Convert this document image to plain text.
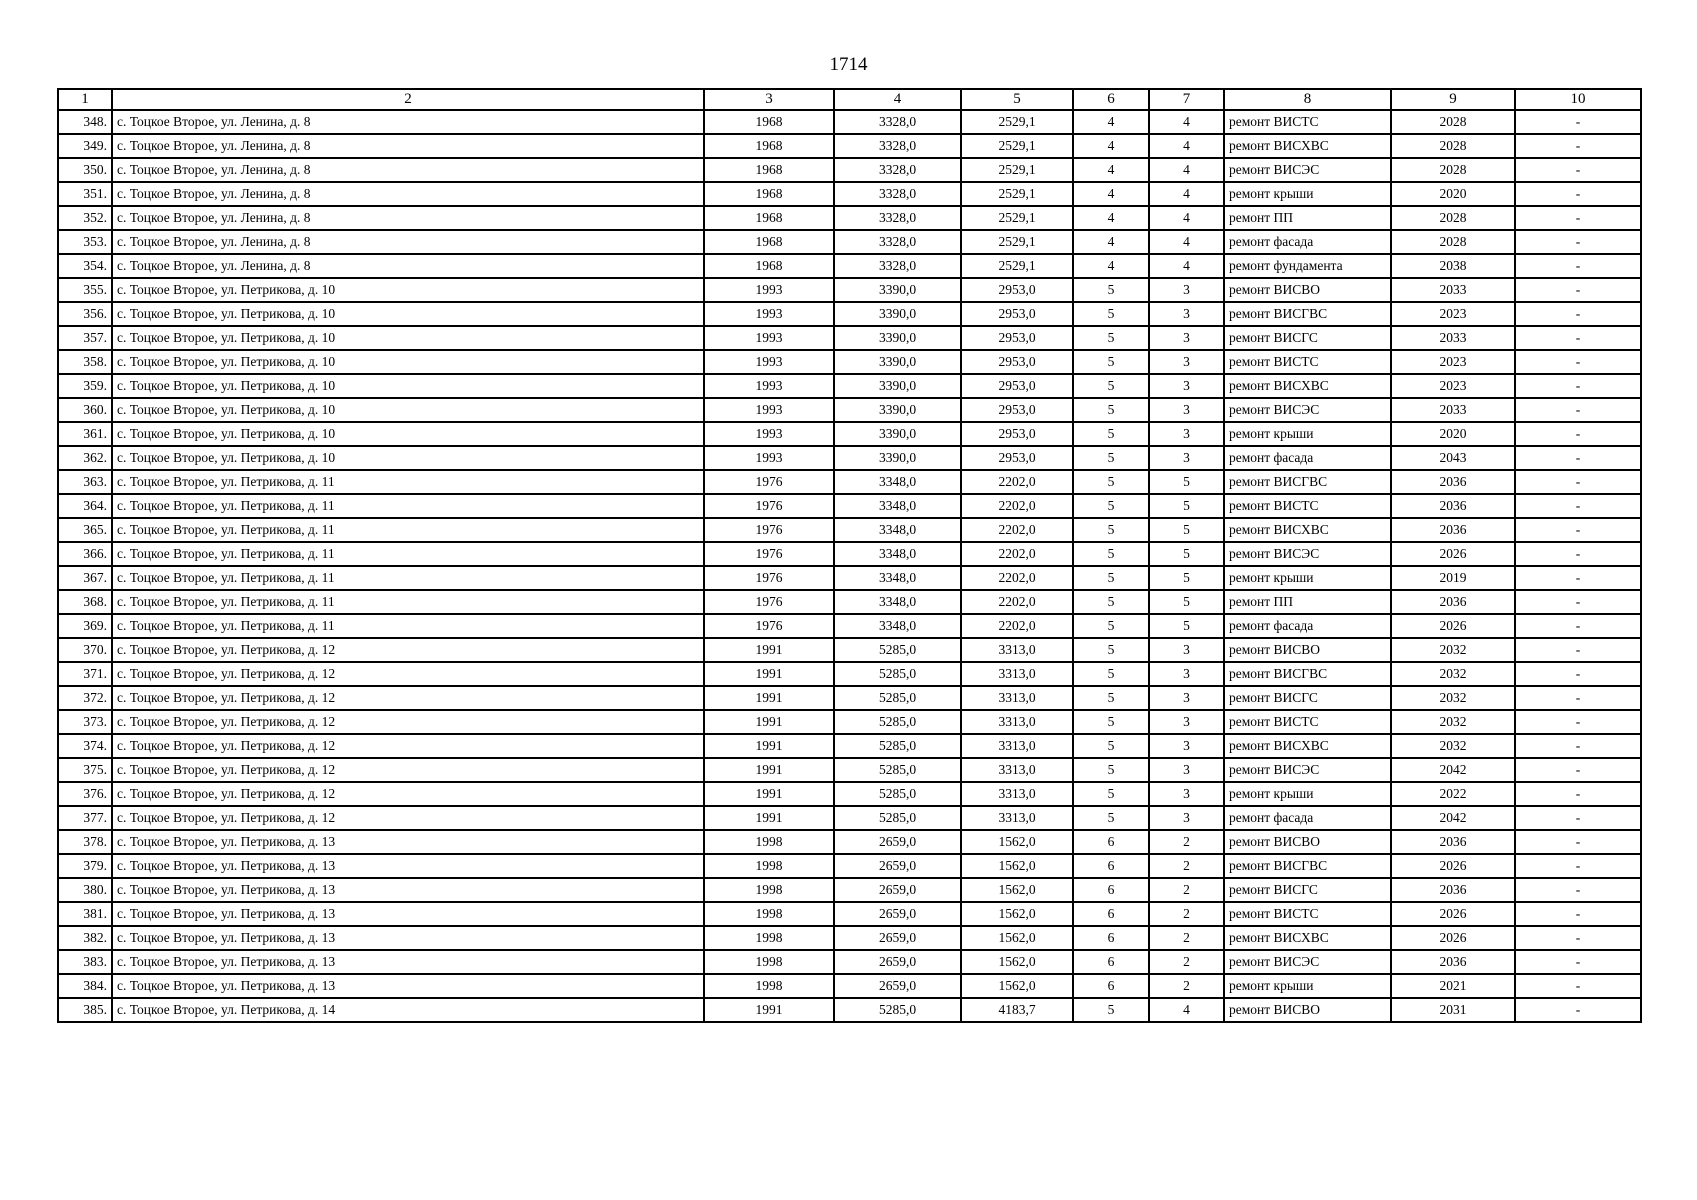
1714
1	2	3	4	5	6	7	8	9	10
348.	с. Тоцкое Второе, ул. Ленина, д. 8	1968	3328,0	2529,1	4	4	ремонт ВИСТС	2028	-
349.	с. Тоцкое Второе, ул. Ленина, д. 8	1968	3328,0	2529,1	4	4	ремонт ВИСХВС	2028	-
350.	с. Тоцкое Второе, ул. Ленина, д. 8	1968	3328,0	2529,1	4	4	ремонт ВИСЭС	2028	-
351.	с. Тоцкое Второе, ул. Ленина, д. 8	1968	3328,0	2529,1	4	4	ремонт крыши	2020	-
352.	с. Тоцкое Второе, ул. Ленина, д. 8	1968	3328,0	2529,1	4	4	ремонт ПП	2028	-
353.	с. Тоцкое Второе, ул. Ленина, д. 8	1968	3328,0	2529,1	4	4	ремонт фасада	2028	-
354.	с. Тоцкое Второе, ул. Ленина, д. 8	1968	3328,0	2529,1	4	4	ремонт фундамента	2038	-
355.	с. Тоцкое Второе, ул. Петрикова, д. 10	1993	3390,0	2953,0	5	3	ремонт ВИСВО	2033	-
356.	с. Тоцкое Второе, ул. Петрикова, д. 10	1993	3390,0	2953,0	5	3	ремонт ВИСГВС	2023	-
357.	с. Тоцкое Второе, ул. Петрикова, д. 10	1993	3390,0	2953,0	5	3	ремонт ВИСГС	2033	-
358.	с. Тоцкое Второе, ул. Петрикова, д. 10	1993	3390,0	2953,0	5	3	ремонт ВИСТС	2023	-
359.	с. Тоцкое Второе, ул. Петрикова, д. 10	1993	3390,0	2953,0	5	3	ремонт ВИСХВС	2023	-
360.	с. Тоцкое Второе, ул. Петрикова, д. 10	1993	3390,0	2953,0	5	3	ремонт ВИСЭС	2033	-
361.	с. Тоцкое Второе, ул. Петрикова, д. 10	1993	3390,0	2953,0	5	3	ремонт крыши	2020	-
362.	с. Тоцкое Второе, ул. Петрикова, д. 10	1993	3390,0	2953,0	5	3	ремонт фасада	2043	-
363.	с. Тоцкое Второе, ул. Петрикова, д. 11	1976	3348,0	2202,0	5	5	ремонт ВИСГВС	2036	-
364.	с. Тоцкое Второе, ул. Петрикова, д. 11	1976	3348,0	2202,0	5	5	ремонт ВИСТС	2036	-
365.	с. Тоцкое Второе, ул. Петрикова, д. 11	1976	3348,0	2202,0	5	5	ремонт ВИСХВС	2036	-
366.	с. Тоцкое Второе, ул. Петрикова, д. 11	1976	3348,0	2202,0	5	5	ремонт ВИСЭС	2026	-
367.	с. Тоцкое Второе, ул. Петрикова, д. 11	1976	3348,0	2202,0	5	5	ремонт крыши	2019	-
368.	с. Тоцкое Второе, ул. Петрикова, д. 11	1976	3348,0	2202,0	5	5	ремонт ПП	2036	-
369.	с. Тоцкое Второе, ул. Петрикова, д. 11	1976	3348,0	2202,0	5	5	ремонт фасада	2026	-
370.	с. Тоцкое Второе, ул. Петрикова, д. 12	1991	5285,0	3313,0	5	3	ремонт ВИСВО	2032	-
371.	с. Тоцкое Второе, ул. Петрикова, д. 12	1991	5285,0	3313,0	5	3	ремонт ВИСГВС	2032	-
372.	с. Тоцкое Второе, ул. Петрикова, д. 12	1991	5285,0	3313,0	5	3	ремонт ВИСГС	2032	-
373.	с. Тоцкое Второе, ул. Петрикова, д. 12	1991	5285,0	3313,0	5	3	ремонт ВИСТС	2032	-
374.	с. Тоцкое Второе, ул. Петрикова, д. 12	1991	5285,0	3313,0	5	3	ремонт ВИСХВС	2032	-
375.	с. Тоцкое Второе, ул. Петрикова, д. 12	1991	5285,0	3313,0	5	3	ремонт ВИСЭС	2042	-
376.	с. Тоцкое Второе, ул. Петрикова, д. 12	1991	5285,0	3313,0	5	3	ремонт крыши	2022	-
377.	с. Тоцкое Второе, ул. Петрикова, д. 12	1991	5285,0	3313,0	5	3	ремонт фасада	2042	-
378.	с. Тоцкое Второе, ул. Петрикова, д. 13	1998	2659,0	1562,0	6	2	ремонт ВИСВО	2036	-
379.	с. Тоцкое Второе, ул. Петрикова, д. 13	1998	2659,0	1562,0	6	2	ремонт ВИСГВС	2026	-
380.	с. Тоцкое Второе, ул. Петрикова, д. 13	1998	2659,0	1562,0	6	2	ремонт ВИСГС	2036	-
381.	с. Тоцкое Второе, ул. Петрикова, д. 13	1998	2659,0	1562,0	6	2	ремонт ВИСТС	2026	-
382.	с. Тоцкое Второе, ул. Петрикова, д. 13	1998	2659,0	1562,0	6	2	ремонт ВИСХВС	2026	-
383.	с. Тоцкое Второе, ул. Петрикова, д. 13	1998	2659,0	1562,0	6	2	ремонт ВИСЭС	2036	-
384.	с. Тоцкое Второе, ул. Петрикова, д. 13	1998	2659,0	1562,0	6	2	ремонт крыши	2021	-
385.	с. Тоцкое Второе, ул. Петрикова, д. 14	1991	5285,0	4183,7	5	4	ремонт ВИСВО	2031	-
